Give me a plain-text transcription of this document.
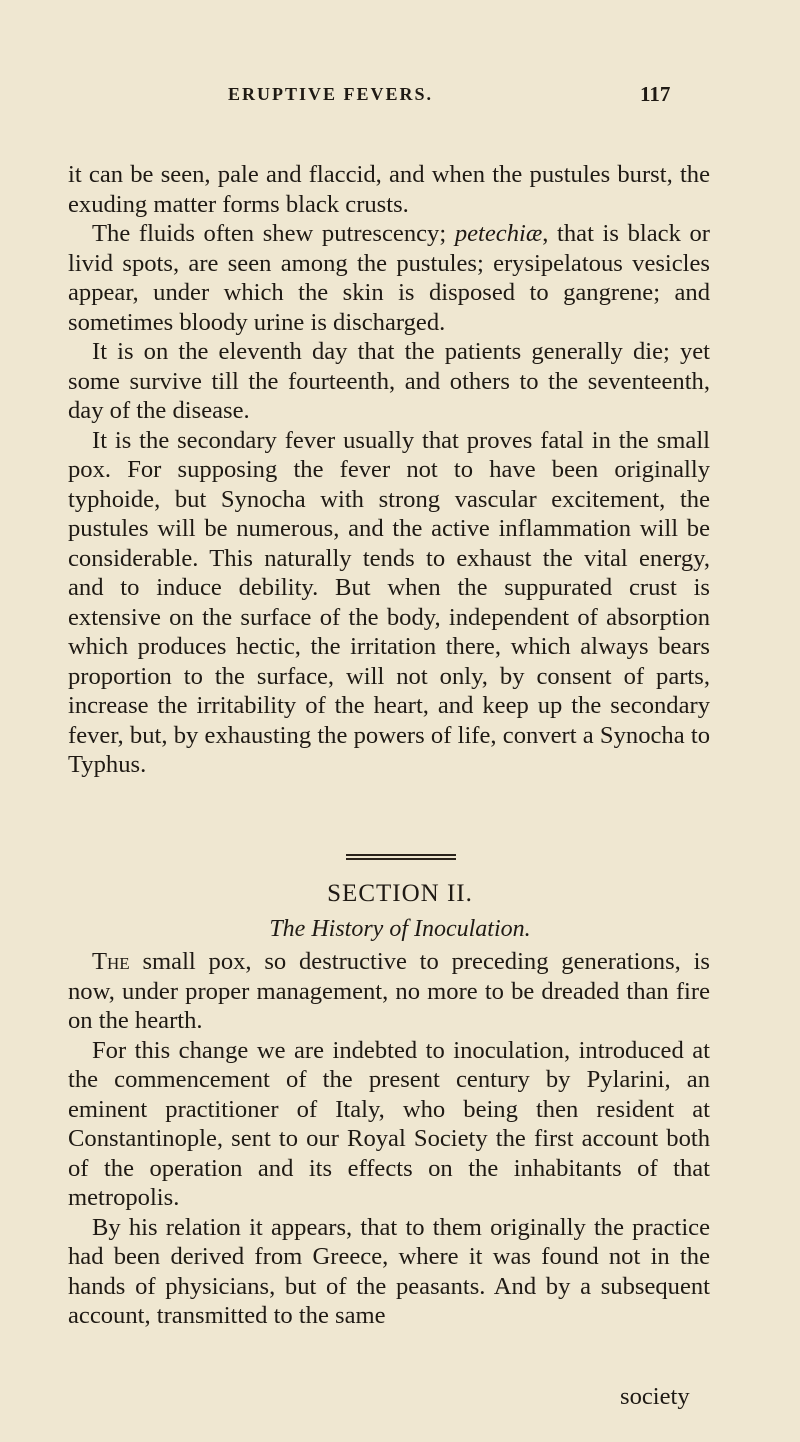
ERUPTIVE FEVERS.	117

it can be seen, pale and flaccid, and when the pustules burst, the exuding matter forms black crusts.

The fluids often shew putrescency; petechiæ, that is black or livid spots, are seen among the pustules; erysipelatous vesicles appear, under which the skin is disposed to gangrene; and sometimes bloody urine is discharged.

It is on the eleventh day that the patients generally die; yet some survive till the fourteenth, and others to the seventeenth, day of the disease.

It is the secondary fever usually that proves fatal in the small pox. For supposing the fever not to have been originally typhoide, but Synocha with strong vascular excitement, the pustules will be numerous, and the active inflammation will be considerable. This naturally tends to exhaust the vital energy, and to induce debility. But when the suppurated crust is extensive on the surface of the body, independent of absorption which produces hectic, the irritation there, which always bears proportion to the surface, will not only, by consent of parts, increase the irritability of the heart, and keep up the secondary fever, but, by exhausting the powers of life, convert a Synocha to Typhus.

SECTION II.
The History of Inoculation.

The small pox, so destructive to preceding generations, is now, under proper management, no more to be dreaded than fire on the hearth.

For this change we are indebted to inoculation, introduced at the commencement of the present century by Pylarini, an eminent practitioner of Italy, who being then resident at Constantinople, sent to our Royal Society the first account both of the operation and its effects on the inhabitants of that metropolis.

By his relation it appears, that to them originally the practice had been derived from Greece, where it was found not in the hands of physicians, but of the peasants. And by a subsequent account, transmitted to the same

society
